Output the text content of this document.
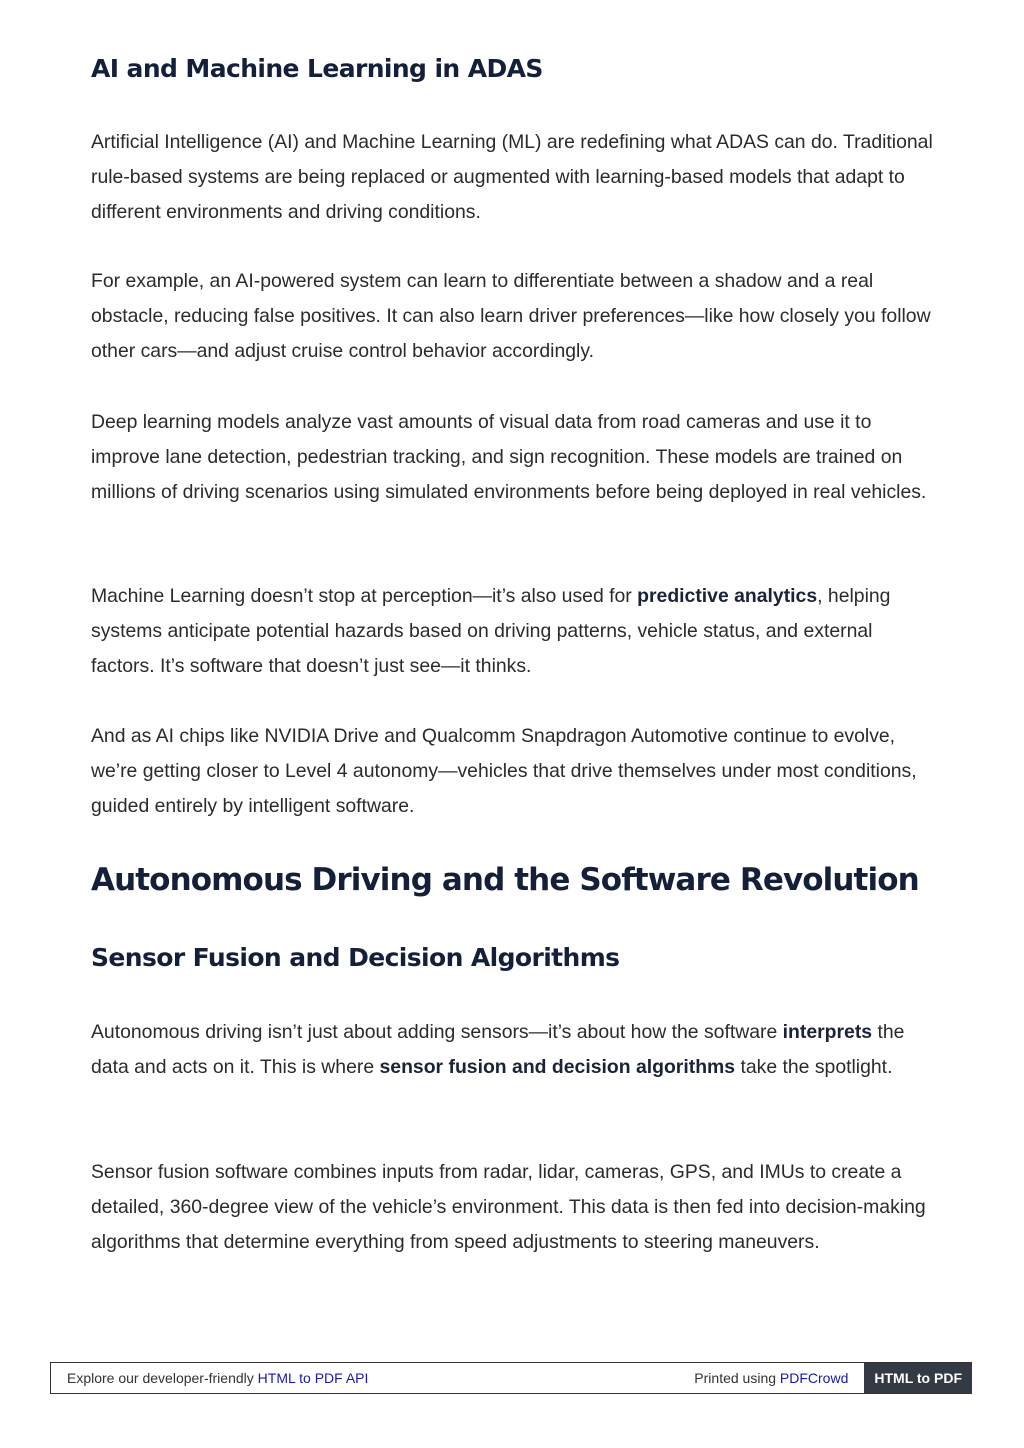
AI and Machine Learning in ADAS

Artificial Intelligence (AI) and Machine Learning (ML) are redefining what ADAS can do. Traditional rule-based systems are being replaced or augmented with learning-based models that adapt to different environments and driving conditions.

For example, an AI-powered system can learn to differentiate between a shadow and a real obstacle, reducing false positives. It can also learn driver preferences—like how closely you follow other cars—and adjust cruise control behavior accordingly.

Deep learning models analyze vast amounts of visual data from road cameras and use it to improve lane detection, pedestrian tracking, and sign recognition. These models are trained on millions of driving scenarios using simulated environments before being deployed in real vehicles.

Machine Learning doesn’t stop at perception—it’s also used for predictive analytics, helping systems anticipate potential hazards based on driving patterns, vehicle status, and external factors. It’s software that doesn’t just see—it thinks.

And as AI chips like NVIDIA Drive and Qualcomm Snapdragon Automotive continue to evolve, we’re getting closer to Level 4 autonomy—vehicles that drive themselves under most conditions, guided entirely by intelligent software.

Autonomous Driving and the Software Revolution
Sensor Fusion and Decision Algorithms

Autonomous driving isn’t just about adding sensors—it’s about how the software interprets the data and acts on it. This is where sensor fusion and decision algorithms take the spotlight.

Sensor fusion software combines inputs from radar, lidar, cameras, GPS, and IMUs to create a detailed, 360-degree view of the vehicle’s environment. This data is then fed into decision-making algorithms that determine everything from speed adjustments to steering maneuvers.

Explore our developer-friendly HTML to PDF API	Printed using PDFCrowd	HTML to PDF
